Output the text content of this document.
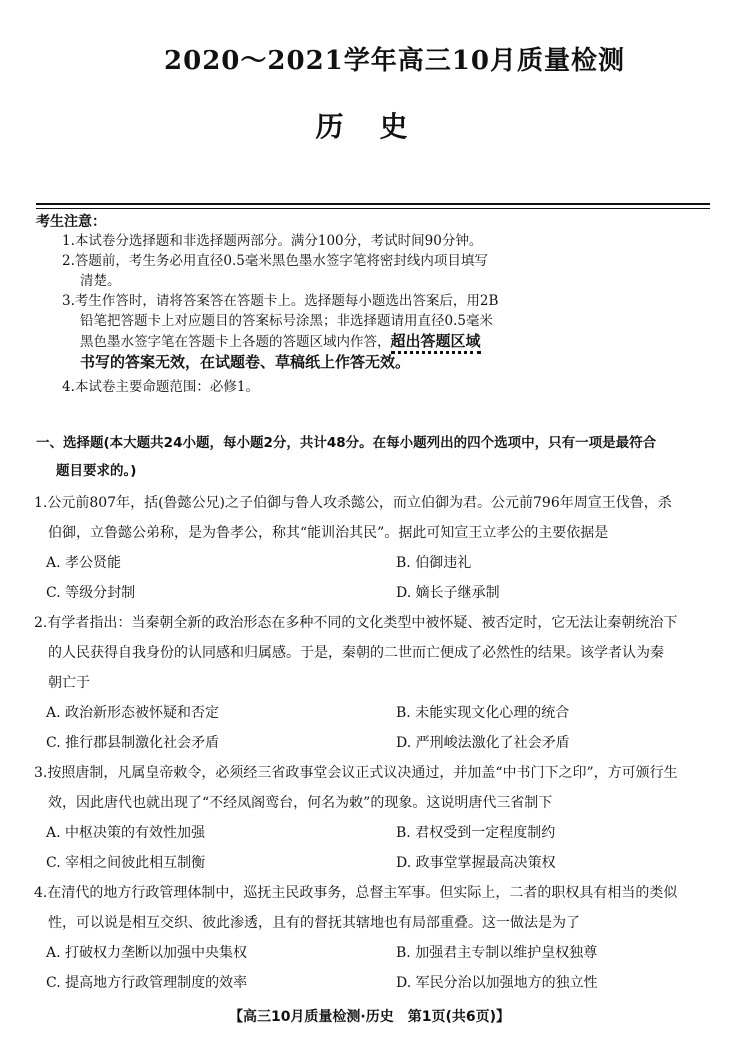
2020～2021学年高三10月质量检测
历史
考生注意：
1.本试卷分选择题和非选择题两部分。满分100分，考试时间90分钟。
2.答题前，考生务必用直径0.5毫米黑色墨水签字笔将密封线内项目填写
清楚。
3.考生作答时，请将答案答在答题卡上。选择题每小题选出答案后，用2B
铅笔把答题卡上对应题目的答案标号涂黑；非选择题请用直径0.5毫米
黑色墨水签字笔在答题卡上各题的答题区域内作答，超出答题区域
书写的答案无效，在试题卷、草稿纸上作答无效。
4.本试卷主要命题范围：必修1。
一、选择题(本大题共24小题，每小题2分，共计48分。在每小题列出的四个选项中，只有一项是最符合
题目要求的。)
1.公元前807年，括(鲁懿公兄)之子伯御与鲁人攻杀懿公，而立伯御为君。公元前796年周宣王伐鲁，杀
伯御，立鲁懿公弟称，是为鲁孝公，称其“能训治其民”。据此可知宣王立孝公的主要依据是
A. 孝公贤能	B. 伯御违礼
C. 等级分封制	D. 嫡长子继承制
2.有学者指出：当秦朝全新的政治形态在多种不同的文化类型中被怀疑、被否定时，它无法让秦朝统治下
的人民获得自我身份的认同感和归属感。于是，秦朝的二世而亡便成了必然性的结果。该学者认为秦
朝亡于
A. 政治新形态被怀疑和否定	B. 未能实现文化心理的统合
C. 推行郡县制激化社会矛盾	D. 严刑峻法激化了社会矛盾
3.按照唐制，凡属皇帝敕令，必须经三省政事堂会议正式议决通过，并加盖“中书门下之印”，方可颁行生
效，因此唐代也就出现了“不经凤阁鸾台，何名为敕”的现象。这说明唐代三省制下
A. 中枢决策的有效性加强	B. 君权受到一定程度制约
C. 宰相之间彼此相互制衡	D. 政事堂掌握最高决策权
4.在清代的地方行政管理体制中，巡抚主民政事务，总督主军事。但实际上，二者的职权具有相当的类似
性，可以说是相互交织、彼此渗透，且有的督抚其辖地也有局部重叠。这一做法是为了
A. 打破权力垄断以加强中央集权	B. 加强君主专制以维护皇权独尊
C. 提高地方行政管理制度的效率	D. 军民分治以加强地方的独立性
【高三10月质量检测·历史　第1页(共6页)】
